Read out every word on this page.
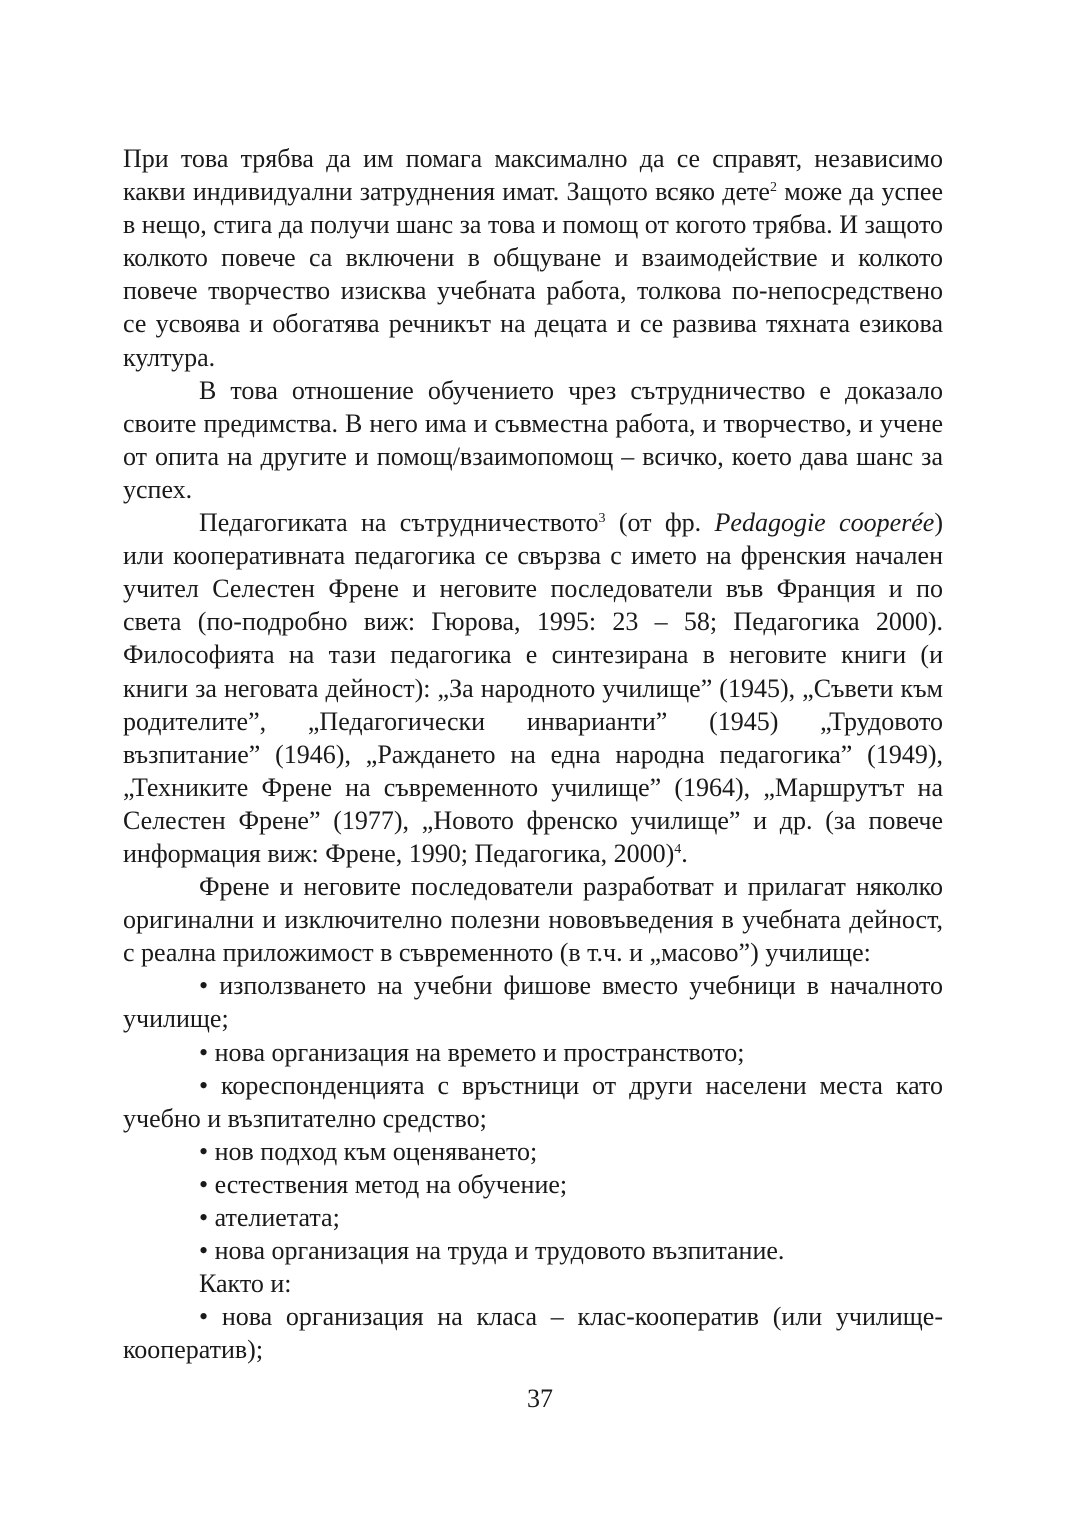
При това трябва да им помага максимално да се справят, независимо какви индивидуални затруднения имат. Защото всяко дете$^2$ може да успее в нещо, стига да получи шанс за това и помощ от когото трябва. И защото колкото повече са включени в общуване и взаимодействие и колкото повече творчество изисква учебната работа, толкова по-непосредствено се усвоява и обогатява речникът на децата и се развива тяхната езикова култура.

В това отношение обучението чрез сътрудничество е доказало своите предимства. В него има и съвместна работа, и творчество, и учене от опита на другите и помощ/взаимопомощ – всичко, което дава шанс за успех.

Педагогиката на сътрудничеството$^3$ (от фр. Pedagogie cooperée) или кооперативната педагогика се свързва с името на френския начален учител Селестен Френе и неговите последователи във Франция и по света (по-подробно виж: Гюрова, 1995: 23 – 58; Педагогика 2000). Философията на тази педагогика е синтезирана в неговите книги (и книги за неговата дейност): „За народното училище” (1945), „Съвети към родителите”, „Педагогически инварианти” (1945) „Трудовото възпитание” (1946), „Раждането на една народна педагогика” (1949), „Техниките Френе на съвременното училище” (1964), „Маршрутът на Селестен Френе” (1977), „Новото френско училище” и др. (за повече информация виж: Френе, 1990; Педагогика, 2000)$^4$.

Френе и неговите последователи разработват и прилагат няколко оригинални и изключително полезни нововъведения в учебната дейност, с реална приложимост в съвременното (в т.ч. и „масово”) училище:

• използването на учебни фишове вместо учебници в началното училище;

• нова организация на времето и пространството;

• кореспонденцията с връстници от други населени места като учебно и възпитателно средство;

• нов подход към оценяването;

• естествения метод на обучение;

• ателиетата;

• нова организация на труда и трудовото възпитание.

Както и:

• нова организация на класа – клас-кооператив (или училище-кооператив);

37
